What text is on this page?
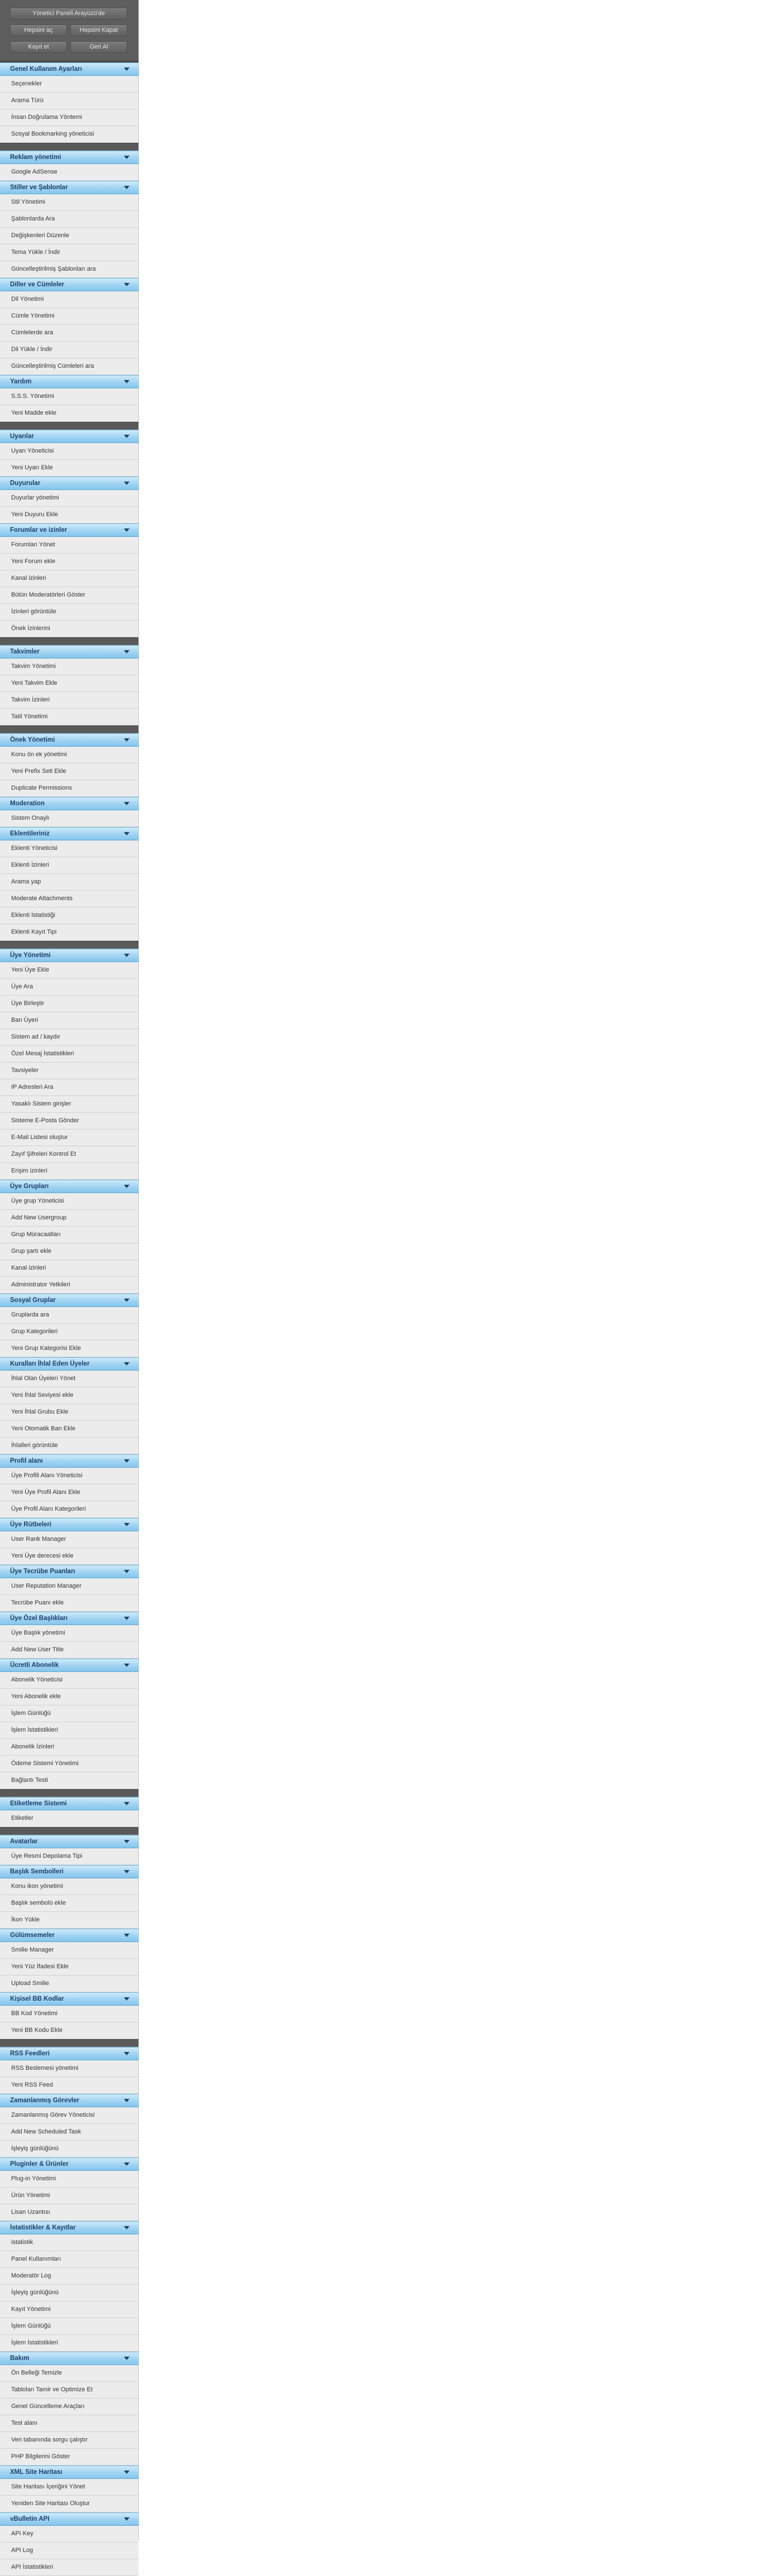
Yönetici Paneli Arayüzü'de
Hepsini aç	Hepsini Kapat
Kayıt et	Geri Al
Genel Kullanım Ayarları
Seçenekler
Arama Türü
İnsan Doğrulama Yöntemi
Sosyal Bookmarking yöneticisi
Reklam yönetimi
Google AdSense
Stiller ve Şablonlar
Stil Yönetimi
Şablonlarda Ara
Değişkenleri Düzenle
Tema Yükle / İndir
Güncelleştirilmiş Şablonları ara
Diller ve Cümleler
Dil Yönetimi
Cümle Yönetimi
Cümlelerde ara
Dil Yükle / İndir
Güncelleştirilmiş Cümleleri ara
Yardım
S.S.S. Yönetimi
Yeni Madde ekle
Uyarılar
Uyarı Yöneticisi
Yeni Uyarı Ekle
Duyurular
Duyurlar yönetimi
Yeni Duyuru Ekle
Forumlar ve izinler
Forumları Yönet
Yeni Forum ekle
Kanal izinleri
Bütün Moderatörleri Göster
İzinleri görüntüle
Önek İzinlerini
Takvimler
Takvim Yönetimi
Yeni Takvim Ekle
Takvim İzinleri
Tatil Yönetimi
Önek Yönetimi
Konu ön ek yönetimi
Yeni Prefix Seti Ekle
Duplicate Permissions
Moderation
Sistem Onaylı
Eklentileriniz
Eklenti Yöneticisi
Eklenti İzinleri
Arama yap
Moderate Attachments
Eklenti İstatistiği
Eklenti Kayıt Tipi
Üye Yönetimi
Yeni Üye Ekle
Üye Ara
Üye Birleştir
Ban Üyeri
Sistem ad / kaydır
Özel Mesaj İstatistikleri
Tavsiyeler
IP Adresleri Ara
Yasaklı Sistem girişler
Sisteme E-Posta Gönder
E-Mail Listesi oluştur
Zayıf Şifreleri Kontrol Et
Erişim izinleri
Üye Grupları
Üye grup Yöneticisi
Add New Usergroup
Grup Müracaatları
Grup şartı ekle
Kanal izinleri
Administrator Yetkileri
Sosyal Gruplar
Gruplarda ara
Grup Kategorileri
Yeni Grup Kategorisi Ekle
Kuralları İhlal Eden Üyeler
İhlal Olan Üyeleri Yönet
Yeni İhlal Seviyesi ekle
Yeni İhlal Grubu Ekle
Yeni Otomatik Ban Ekle
İhlalleri görüntüle
Profil alanı
Üye Profili Alanı Yöneticisi
Yeni Üye Profil Alanı Ekle
Üye Profil Alanı Kategorileri
Üye Rütbeleri
User Rank Manager
Yeni Üye derecesi ekle
Üye Tecrübe Puanları
User Reputation Manager
Tecrübe Puanı ekle
Üye Özel Başlıkları
Üye Başlık yönetimi
Add New User Title
Ücretli Abonelik
Abonelik Yöneticisi
Yeni Abonelik ekle
İşlem Günlüğü
İşlem İstatistikleri
Abonelik İzinleri
Ödeme Sistemi Yönetimi
Bağlantı Testi
Etiketleme Sistemi
Etiketler
Avatarlar
Üye Resmi Depolama Tipi
Başlık Sembolleri
Konu ikon yönetimi
Başlık sembolü ekle
İkon Yükle
Gülümsemeler
Smilie Manager
Yeni Yüz İfadesi Ekle
Upload Smilie
Kişisel BB Kodlar
BB Kod Yönetimi
Yeni BB Kodu Ekle
RSS Feedleri
RSS Beslemesi yönetimi
Yeni RSS Feed
Zamanlanmış Görevler
Zamanlanmış Görev Yöneticisi
Add New Scheduled Task
İşleyiş günlüğünü
Pluginler & Ürünler
Plug-in Yönetimi
Ürün Yönetimi
Lisan Uzantısı
İstatistikler & Kayıtlar
istatistik
Panel Kullanımları
Moderatör Log
İşleyiş günlüğünü
Kayıt Yönetimi
İşlem Günlüğü
İşlem İstatistikleri
Bakım
Ön Belleği Temizle
Tabloları Tamir ve Optimize Et
Genel Güncelleme Araçları
Test alanı
Veri tabanında sorgu çalıştır
PHP Bilgilerini Göster
XML Site Haritası
Site Haritası İçeriğini Yönet
Yeniden Site Haritası Oluştur
vBulletin API
API Key
API Log
API İstatistikleri
